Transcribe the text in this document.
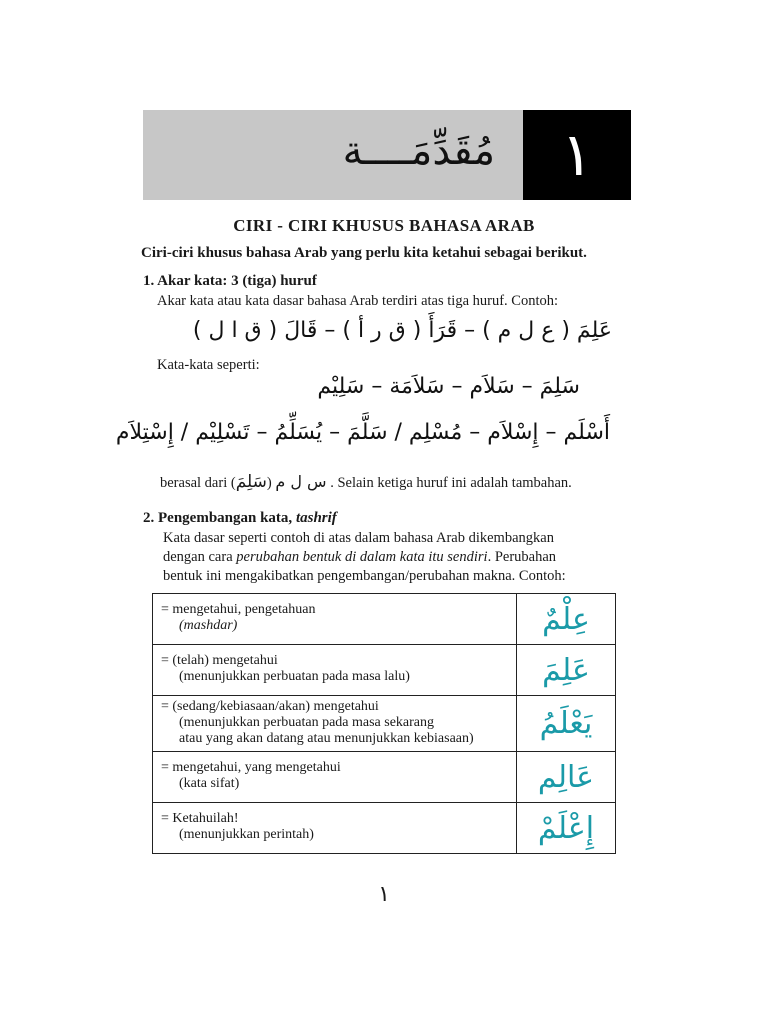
مُقَدِّمَــــة	١
CIRI - CIRI KHUSUS BAHASA ARAB
Ciri-ciri khusus bahasa Arab yang perlu kita ketahui sebagai berikut.
1. Akar kata: 3 (tiga) huruf
Akar kata atau kata dasar bahasa Arab terdiri atas tiga huruf. Contoh:
عَلِمَ ( ع ل م ) – قَرَأَ ( ق ر أ ) – قَالَ ( ق ا ل )
Kata-kata seperti:
سَلِمَ – سَلاَم – سَلاَمَة – سَلِيْم
أَسْلَم – إِسْلاَم – مُسْلِم / سَلَّمَ – يُسَلِّمُ – تَسْلِيْم / إِسْتِلاَم
berasal dari (سَلِمَ) س ل م . Selain ketiga huruf ini adalah tambahan.
2. Pengembangan kata, tashrif
Kata dasar seperti contoh di atas dalam bahasa Arab dikembangkan
dengan cara perubahan bentuk di dalam kata itu sendiri. Perubahan
bentuk ini mengakibatkan pengembangan/perubahan makna. Contoh:
= mengetahui, pengetahuan
(mashdar)	عِلْمٌ
= (telah) mengetahui
(menunjukkan perbuatan pada masa lalu)	عَلِمَ
= (sedang/kebiasaan/akan) mengetahui
(menunjukkan perbuatan pada masa sekarang
atau yang akan datang atau menunjukkan kebiasaan)	يَعْلَمُ
= mengetahui, yang mengetahui
(kata sifat)	عَالِم
= Ketahuilah!
(menunjukkan perintah)	إِعْلَمْ
١
